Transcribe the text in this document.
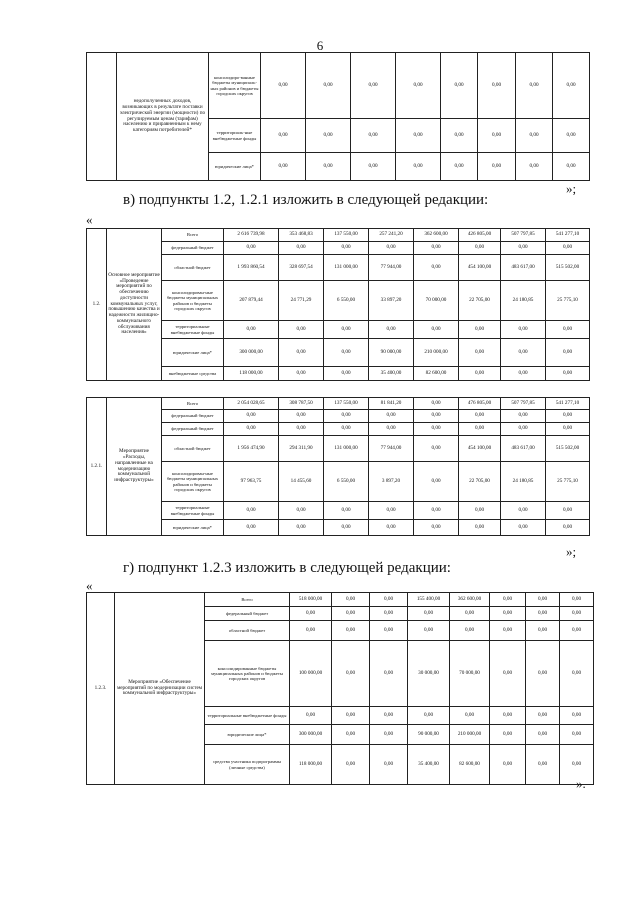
6
	недополученных доходов, возникающих в результате поставки электрической энергии (мощности) по регулируемым ценам (тарифам) населению и приравненным к нему категориям потребителей*	консолидиро-ванные бюджеты муниципаль-ных районов и бюджеты городских округов	0,00	0,00	0,00	0,00	0,00	0,00	0,00	0,00
		территориаль-ные внебюджетные фонды	0,00	0,00	0,00	0,00	0,00	0,00	0,00	0,00
		юридические лица*	0,00	0,00	0,00	0,00	0,00	0,00	0,00	0,00
»;
в) подпункты 1.2, 1.2.1 изложить в следующей редакции:
«
1.2.	Основное мероприятие «Проведение мероприятий по обеспечению доступности коммунальных услуг, повышению качества и надежности жилищно-коммунального обслуживания населения»	Всего	2 616 739,98	353 468,83	137 550,00	257 241,20	362 600,00	426 805,00	507 797,85	541 277,10
		федеральный бюджет	0,00	0,00	0,00	0,00	0,00	0,00	0,00	0,00
		областной бюджет	1 993 860,54	328 697,54	131 000,00	77 944,00	0,00	454 100,00	483 617,00	515 502,00
		консолидирован-ные бюджеты муниципальных районов и бюджеты городских округов	207 879,44	24 771,29	6 550,00	33 897,20	70 000,00	22 705,00	24 180,85	25 775,10
		территориальные внебюджетные фонды	0,00	0,00	0,00	0,00	0,00	0,00	0,00	0,00
		юридические лица*	300 000,00	0,00	0,00	90 000,00	210 000,00	0,00	0,00	0,00
		внебюджетные средства	118 000,00	0,00	0,00	35 400,00	82 600,00	0,00	0,00	0,00
1.2.1.	Мероприятие «Расходы, направленные на модернизацию коммунальной инфраструктуры»	Всего	2 054 028,65	308 787,50	137 550,00	81 841,20	0,00	476 805,00	507 797,85	541 277,10
		федеральный бюджет	0,00	0,00	0,00	0,00	0,00	0,00	0,00	0,00
		федеральный бюджет	0,00	0,00	0,00	0,00	0,00	0,00	0,00	0,00
		областной бюджет	1 956 474,90	294 311,90	131 000,00	77 944,00	0,00	454 100,00	483 617,00	515 502,00
		консолидирован-ные бюджеты муниципальных районов и бюджеты городских округов	97 963,75	14 455,60	6 550,00	3 897,20	0,00	22 705,00	24 180,85	25 775,10
		территориальные внебюджетные фонды	0,00	0,00	0,00	0,00	0,00	0,00	0,00	0,00
		юридические лица*	0,00	0,00	0,00	0,00	0,00	0,00	0,00	0,00
»;
г) подпункт 1.2.3 изложить в следующей редакции:
«
1.2.3.	Мероприятие «Обеспечение мероприятий по модернизации систем коммунальной инфраструктуры»	Всего	518 000,00	0,00	0,00	155 400,00	362 600,00	0,00	0,00	0,00
		федеральный бюджет	0,00	0,00	0,00	0,00	0,00	0,00	0,00	0,00
		областной бюджет	0,00	0,00	0,00	0,00	0,00	0,00	0,00	0,00
		консолидированные бюджеты муниципальных районов и бюджеты городских округов	100 000,00	0,00	0,00	30 000,00	70 000,00	0,00	0,00	0,00
		территориальные внебюджетные фонды	0,00	0,00	0,00	0,00	0,00	0,00	0,00	0,00
		юридические лица*	300 000,00	0,00	0,00	90 000,00	210 000,00	0,00	0,00	0,00
		средства участника подпрограммы (личные средства)	118 000,00	0,00	0,00	35 400,00	82 600,00	0,00	0,00	0,00
».
